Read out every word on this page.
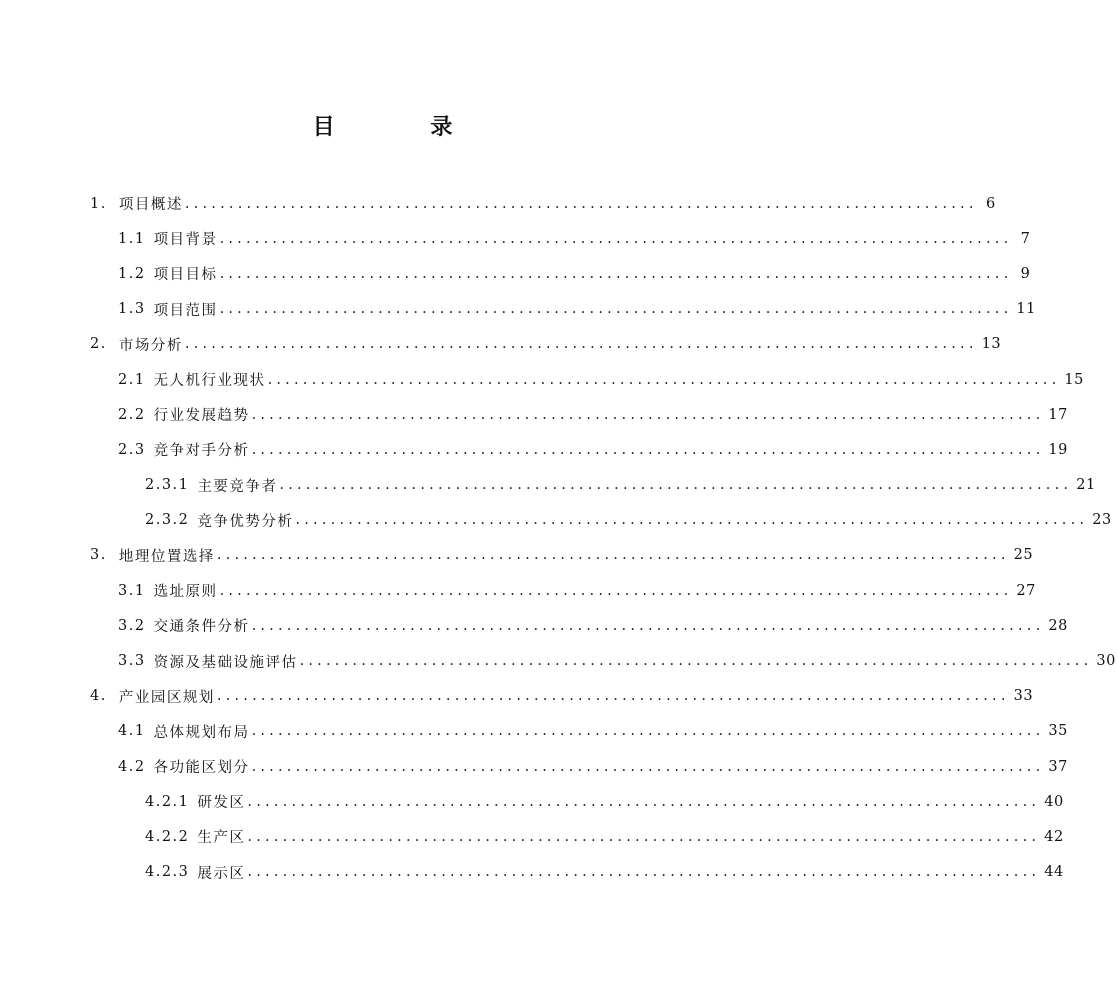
目 录
1. 项目概述 .......................................................................................... 6
1.1 项目背景 .......................................................................................... 7
1.2 项目目标 .......................................................................................... 9
1.3 项目范围 .......................................................................................... 11
2. 市场分析 .......................................................................................... 13
2.1 无人机行业现状 .......................................................................................... 15
2.2 行业发展趋势 .......................................................................................... 17
2.3 竞争对手分析 .......................................................................................... 19
2.3.1 主要竞争者 .......................................................................................... 21
2.3.2 竞争优势分析 .......................................................................................... 23
3. 地理位置选择 .......................................................................................... 25
3.1 选址原则 .......................................................................................... 27
3.2 交通条件分析 .......................................................................................... 28
3.3 资源及基础设施评估 .......................................................................................... 30
4. 产业园区规划 .......................................................................................... 33
4.1 总体规划布局 .......................................................................................... 35
4.2 各功能区划分 .......................................................................................... 37
4.2.1 研发区 .......................................................................................... 40
4.2.2 生产区 .......................................................................................... 42
4.2.3 展示区 .......................................................................................... 44
